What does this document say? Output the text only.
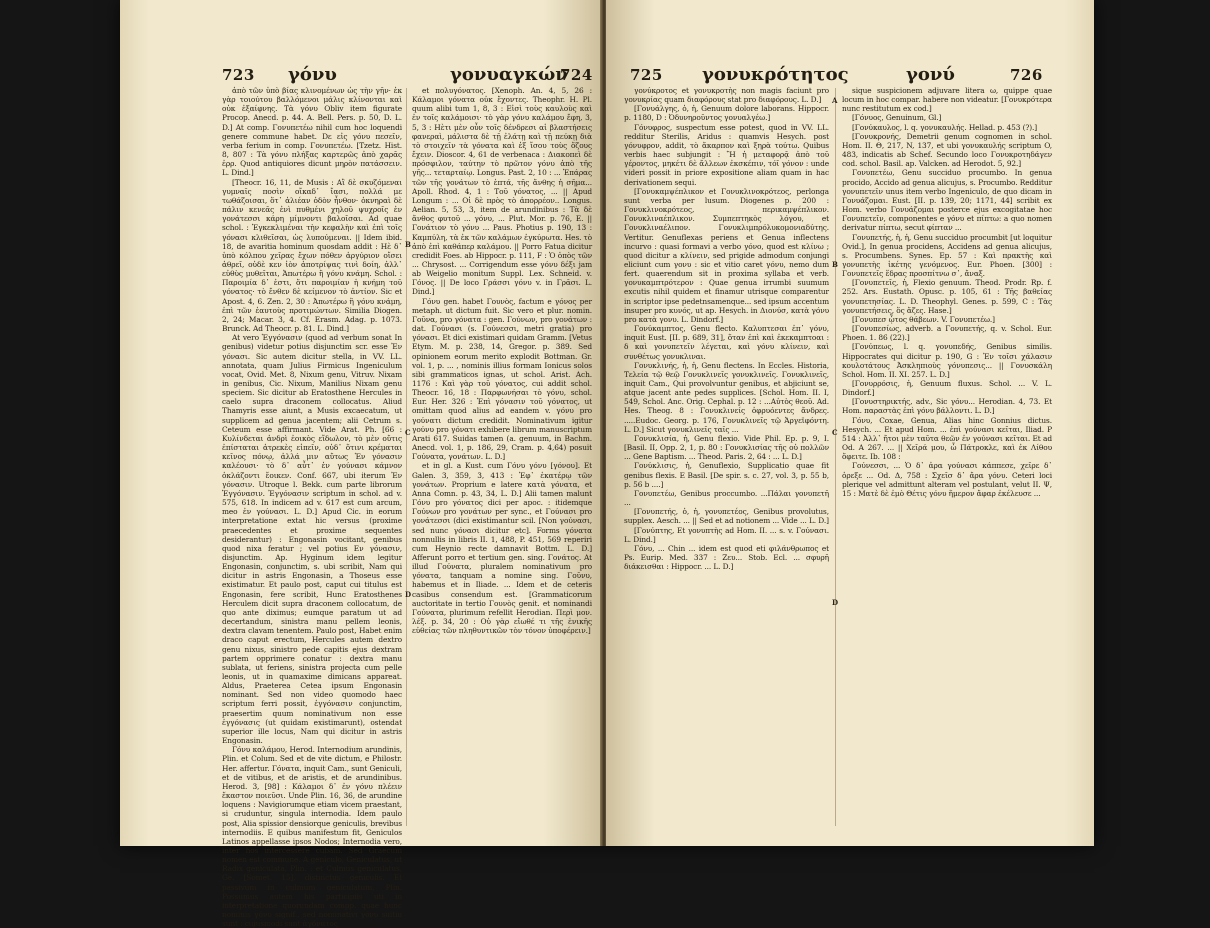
723 γόνυ	γονυαγκών
724

ἀπὸ τῶν ὑπὸ βίας κλινομένων ὡς τὴν γῆν· ἐκ γὰρ τοιούτου βαλλόμενοι μάλις κλίνονται καὶ οὐκ ἐξαίφνης. Tὰ γόνυ Obliv item figurate Procop. Anecd. p. 44. A. Bell. Pers. p. 50, D. L. D.] At comp. Γονυπετέω nihil cum hoc loquendi genere commune habet. Dε εἰς γόνυ πεσεῖν, verba ferium in comp. Γονυπετέω. [Tzetz. Hist. 8, 807 : Tὰ γόνυ πλήξας καρτερῶς ἀπὸ χαρᾶς ἐρρ. Quod antiquiores dicunt μηρὸν πατάσσειν. L. Dind.]

[Theocr. 16, 11, de Musis : Αἳ δὲ σκυζόμεναι γυμναῖς ποσὶν οἴκαδ᾽ ἴασι, πολλά με τωθάζοισαι, ὅτ᾽ ἀλιέαν ὁδὸν ἦνθον· ὀκνηραὶ δὲ πάλιν κενεᾶς ἐνὶ πυθμένι χηλοῦ ψυχροῖς ἐν γονάτεσσι κάρη μίμνοντι βαλοῖσαι. Ad quae schol. : Ἐγκεκλιμέναι τὴν κεφαλὴν καὶ ἐπὶ τοῖς γόνασι κλιθεῖσαι, ὡς λυπούμεναι. || Idem ibid. 18, de avaritia hominum quosdam addit : Ηὲ δ᾽ ὑπὸ κόλπου χεῖρας ἔχων πόθεν ἀργύριον οἴσει ἀθρεῖ, οὐδὲ κεν ἰὸν ἀποτρίψας τινὶ δοίη, ἀλλ᾽ εὐθὺς μυθεῖται, Ἀπωτέρω ἢ γόνυ κνάμη. Schol. : Παροιμία δ᾽ ἐστι, ὅτι παροιμίαν ἡ κνήμη τοῦ γόνατος· τὸ ἔνθεν δὲ κείμενον τὸ ἀντίον. Sic et Apost. 4, 6. Zen. 2, 30 : Ἀπωτέρω ἢ γόνυ κνάμη, ἐπὶ τῶν ἑαυτοὺς προτιμώντων. Similia Diogen. 2, 24; Macar. 3, 4. Cf. Erasm. Adag. p. 1073. Brunck. Ad Theocr. p. 81. L. Dind.]

At vero Ἐγγόνασιν (quod ad verbum sonat In genibus) videtur potius disjunctim scr. esse Ἐν γόνασι. Sic autem dicitur stella, in VV. LL. annotata, quam Julius Firmicus Ingeniculum vocat, Ovid. Met. 8, Nixum genu, Vitruv. Nixam in genibus, Cic. Nixum, Manilius Nixam genu speciem. Sic dicitur ab Eratosthene Hercules in caelo supra draconem collocatus. Aliud Thamyris esse aiunt, a Musis excaecatum, ut supplicem ad genua jacentem; alii Cetrum s. Ceteum esse affirmant. Vide Arat. Ph. [66 : Κυλίνδεται ἀνδρὶ ἐοικὸς εἴδωλον, τὸ μὲν οὔτις ἐπίσταται ἀτρεκὲς εἰπεῖν, οὐδ᾽ ὅτινι κρέμαται κεῖνος πόνῳ, ἀλλά μιν αὔτως Ἐν γόνασιν καλέουσι· τὸ δ᾽ αὖτ᾽ ἐν γούνασι κάμνον ὀκλάζοντι ἔοικεν. Conf. 667, ubi iterum Ἐν γόνασιν. Utroque l. Bekk. cum parte librorum Ἐγγόνασιν. Ἐγγόνασιν scriptum in schol. ad v. 575, 618. In indicem ad v. 617 est cum arcum, meo ἐν γούνασι. L. D.] Apud Cic. in eorum interpretatione extat hic versus (proxime praecedentes et proxime sequentes desiderantur) : Engonasin vocitant, genibus quod nixa feratur ; vel potius Εν γόνασιν, disjunctim. Ap. Hyginum idem legitur Engonasin, conjunctim, s. ubi scribit, Nam qui dicitur in astris Engonasin, a Thoseus esse existimatur. Et paulo post, caput cui titulus est Engonasin, fere scribit, Hunc Eratosthenes Herculem dicit supra draconem collocatum, de quo ante diximus; eumque paratum ut ad decertandum, sinistra manu pellem leonis, dextra clavam tenentem. Paulo post, Habet enim draco caput erectum, Hercules autem dextro genu nixus, sinistro pede capitis ejus dextram partem opprimere conatur : dextra manu sublata, ut feriens, sinistra projecta cum pelle leonis, ut in quamaxime dimicans appareat. Aldus, Praeterea Cetea ipsum Engonasin nominant. Sed non video quomodo haec scriptum ferri possit, ἐγγόνασιν conjunctim, praesertim quum nominativum non esse ἐγγόνασις (ut quidam existimarunt), ostendat superior ille locus, Nam qui dicitur in astris Engonasin.

Γόνυ καλάμου, Herod. Internodium arundinis, Plin. et Colum. Sed et de vite dictum, e Philostr. Her. affertur. Γόνατα, inquit Cam., sunt Geniculi, et de vitibus, et de aristis, et de arundinibus. Herod. 3, [98] : Κάλαμοι δ᾽ ἐν γόνυ πλέειν ἕκαστον ποιεῦσι. Unde Plin. 16, 36, de arundine loquens : Navigiorumque etiam vicem praestant, si cruduntur, singula internodia. Idem paulo post, Alia spissior densiorque geniculis, brevibus internodiis. E quibus manifestum fit, Geniculos Latinos appellasse ipsos Nodos; Internodia vero, inter hos intercessere cubam. Sed Graecum nomen est commune. A geniculo, Geniculatus, ut Radix geniculata, Plin. : et Culmus geniculatus, Ge. [Somet. 15], distinctus geniculis. Et passivum in culmum geniculatum, Plin. Possumus autem his participiis uti in interpretatione quorundam compp. quae hunc nominis γόνυ signif., sed nominativi γόνυ suitiu sunt : cujusmodi sunt ἀγόνατος

et πολυγόνατος. [Xenoph. An. 4, 5, 26 : Κάλαμοι γόνατα οὐκ ἔχοντες. Theophr. H. Pl. quum alibi tum 1, 8, 3 : Εἰσὶ τοὺς καυλοὺς καὶ ἐν τοῖς καλάμοισι· τὸ γὰρ γόνυ καλάμου ἔφη, 3, 5, 3 : Ηὲτι μὲν οὖν τοῖς δένδρεσι αἱ βλαστήσεις φανεραὶ, μάλιστα δὲ τῇ ἐλάτῃ καὶ τῇ πεύκῃ διὰ τὸ στοιχεῖν τὰ γόνατα καὶ ἐξ ἴσου τοὺς ὄζους ἔχειν. Dioscor. 4, 61 de verbenaca : Διακοπεὶ δὲ πρόσφιλον, ταύτην τὸ πρῶτον γόνυ ἀπὸ τῆς γῆς... τεταρταίῳ. Longus. Past. 2, 10 : ... Ἐπάρας τῶν τῆς γονάτων τὸ ἑπτά, τῆς ἄνθης ἡ σῆμα... Apoll. Rhod. 4, 1 : Τοῦ γόνατος, ... || Apud Longum : ... Οἱ δὲ πρὸς τὸ ἀπορρέον.. Longus. Aelian. 5, 53, 3, item de arundinibus : Τὰ δὲ ἄνθος φυτοῦ ... γόνυ, ... Plut. Mor. p. 76, E. || Γονάτιον τὸ γόνυ ... Paus. Photius p. 190, 13 : Καμπύλη, τὰ ἐκ τῶν καλάμων ἐγκύρωτα. Hes. τὸ ἀπὸ ἐπὶ καθάπερ καλάμου. || Porro Fatua dicitur credidit Foes. ab Hippocr. p. 111, F : Ὁ ὁπὸς τῶν ... Chrysost. ... Corrigendum esse γόνυ δέξι jam ab Weigelio monitum Suppl. Lex. Schneid. v. Γόνος. || De loco Γράσσι γόνυ v. in Γρᾶσι. L. Dind.]

Γόνυ gen. habet Γουνὸς, factum e γόνος per metaph. ut dictum fuit. Sic vero et plur. nomin. Γοῦνα, pro γόνατα : gen. Γούνων, pro γονάτων : dat. Γούνασι (s. Γούνεσσι, metri gratia) pro γόνασι. Et dici existimari quidam Gramm. [Vetus Etym. M. p. 238, 14, Gregor. p. 389. Sed opinionem eorum merito explodit Bottman. Gr. vol. 1, p. ... , nominis illius formam Ionicus solos sibi grammaticos ignas, ut schol. Arist. Ach. 1176 : Καὶ γὰρ τοῦ γόνατος, cui addit schol. Theocr. 16, 18 : Παρφωνήσαι τὸ γόνυ, schol. Eur. Her. 326 : Ἐπὶ γόνασιν τοῦ γόνατος, ut omittam quod alius ad eandem v. γόνυ pro γούνατι dictum credidit. Nominativum igitur γούνυ pro γόνατι exhibere librum manuscriptum Arati 617. Suidas tamen (a. genuum, in Bachm. Anecd. vol. 1, p. 186, 29, Cram. p. 4,64) posuit Γούνατα, γονάτων. L. D.]

et in gl. a Kust. cum Γόνυ γόνυ [γόνου]. Et Galen. 3, 359, 3, 413 : Ἐφ᾽ ἑκατέρῳ τῶν γονάτων. Proprium e latere κατὰ γόνατα, et Anna Comn. p. 43, 34, L. D.] Alii tamen malunt Γόνυ pro γόνατος dici per apoc. : itidemque Γούνων pro γονάτων per sync., et Γούνασι pro γονάτεσσι (dici existimantur scil. [Non γούνασι, sed nunc γόνασι dicitur etc]. Forms γόνατα nonnullis in libris II. 1, 488, P. 451, 569 reperiri cum Heynio recte damnavit Bottm. L. D.] Afferunt porro et tertium gen. sing. Γονάτος. At illud Γούνατα, pluralem nominativum pro γόνατα, tanquam a nomine sing. Γοῦνυ, habemus et in Iliade. ... Idem et de ceteris casibus consendum est. [Grammaticorum auctoritate in tertio Γουνὸς genit. et nominandi Γούνατα, plurimum refellit Herodian. Περὶ μον. λέξ. p. 34, 20 : Οὐ γὰρ εἴωθέ τι τῆς ἑνικῆς εὐθείας τῶν πληθυντικῶν τὸν τόνον ὑποφέρειν.]

B
C
D
725 γονυκρότητος	γονύ	726

γονύκροτος et γονυκροτὴς non magis faciunt pro γονυκρίας quam διαφόρους stat pro διαφόρους. L. D.]

[Γονυάλγης, ὁ, ἡ, Genuum dolore laborans. Hippocr. p. 1180, D : Ὀδυνηροῦντος γονυαλγέω.]

Γόνυφρος, suspectum esse potest, quod in VV. LL. redditur Sterilis, Aridus : quamvis Hesych. post γόνυφρον, addit, τὸ ἄκαρπον καὶ ξηρὰ τούτω. Quibus verbis haec subjungit : Ἢ ἡ μεταφορᾷ ἀπὸ τοῦ γέροντος, μηκέτι δὲ ἄλλεων ἐκσκέπιν, τόῖ γόνον : unde videri possit in priore expositione aliam quam in hac derivationem sequi.

[Γονυκαμψέπλικον et Γονυκλινοκρότεος, perlonga sunt verba per lusum. Diogenes p. 200 : Γονυκλινοκρότεος, περικαμψέπλικον. Γονυκλιναέπλικον. Συμπεπτηκὸς λόγου, et Γονυκλιναέλιπον. Γονυκλιμπρόλυκομονιαδύτης. Vertitur. Genuflexas periens et Genua inflectens incurvo : quasi formavi a verbo γόνο, quod est κλίνω ; quod dicitur a κλίνειν, sed prigide admodum conjungi eliciunt cum γονυ : sic et vitio caret γόνυ, nemo dum fert. quaerendum sit in proxima syllaba et verb. γονυκαμπτρότερον : Quae genua irrumbi suumum excutis nihil quidem et finamur utrisque comparentur in scriptor ipse pedetnsamenque... sed ipsum accentum insuper pro κυνός, ut ap. Hesych. in Διονύσ, κατὰ γόνυ pro κατὰ γονυ. L. Dindorf.]

Γονύκαμπτος, Genu flecto. Καλυπτεσαι ἐπ᾽ γόνυ, inquit Eust. [II. p. 689, 31], ὅταν ἐπὶ καὶ ἐκεκαμπτοαι : δ καὶ γονυπετεῖν λέγεται, καὶ γόνυ κλίνειν, καὶ συνθέτως γονυκλιναι.

Γονυκλινής, ἡ, ἡ, Genu flectens. In Eccles. Historia, Τελεία τῷ θεῷ Γονυκλινεῖς γονυκλινεῖς. Γονυκλινεῖς, inquit Cam., Qui provolvuntur genibus, et abjiciunt se, atque jacent ante pedes supplices. [Schol. Hom. II. I, 549, Schol. Anc. Orig. Cephal. p. 12 : ...Αὐτὸς θεοῦ. Ad. Hes. Theog. 8 : Γονυκλινείς ὀφρυόεντες ἄνδρες. .....Eudoc. Georg. p. 176, Γονυκλινεῖς τῷ Ἀργεϊφόντη. L. D.] Sicut γονυκλινεῖς ταῖς ...

Γονυκλισία, ἡ, Genu flexio. Vide Phil. Ep. p. 9, I. [Basil. II, Opp. 2, 1, p. 80 : Γονυκλισίας τῆς οὐ πολλῶν ... Gene Baptism. ... Theod. Paris. 2, 64 : ... L. D.]

Γονύκλισις, ἡ, Genuflexio, Supplicatio quae fit genibus flexis. E Basil. [De spir. s. c. 27, vol. 3, p. 55 b, p. 56 b ....]

Γονυπετέω, Genibus proccumbo. ...Πάλαι γονυπετῆ ...

[Γονυπετής, ὁ, ἡ, γονυπετέος, Genibus provolutus, supplex. Aesch. ... || Sed et ad notionem ... Vide ... L. D.]

[Γονύπτης, Et γονυπτὴς ad Hom. II. ... s. v. Γούνασι. L. Dind.]

Γόνυ, ... Chin ... idem est quod eti φιλάνθρωπος et Ps. Eurip. Med. 337 : Ζευ... Stob. Ecl. ... σφυρῆ διάκεισθαι : Hippocr. ... L. D.]

sique suspicionem adjuvare litera ω, quippe quae locum in hoc compar. habere non videatur. [Γονυκρότερα nunc restitutum ex cod.]

[Γόνυος, Genuinum, Gl.]

[Γονύκαυλος, l. q. γονυκαυλής. Hellad. p. 453 (?).]

[Γονυκρονής, Demetrii genum cognomen in schol. Hom. II. Θ, 217, N, 137, et ubi γονυκαυλής scriptum O, 483, indicatis ab Schef. Secundo loco Γονυκροτηδάγεν cod. schol. Basil. ap. Valcken. ad Herodot. 5, 92.]

Γονυπετέω, Genu succiduo procumbo. In genua procido, Accido ad genua alicujus, s. Procumbo. Redditur γονυπετεῖν unus item verbo Ingeniculo, de quo dicam in Γονυάζομαι. Eust. [II. p. 139, 20; 1171, 44] scribit ex Hom. verbo Γονυάζομαι posterce ejus excogitatae hoc Γονυπετεῖν, componentes e γόνυ et πίπτω: a quo nomen derivatur πίπτω, secut φίπταν ...

Γονυπετής, ἡ, ἡ, Genu succiduo procumbit [ut loquitur Ovid.], In genua procidens, Accidens ad genua alicujus, s. Procumbens. Synes. Ep. 57 : Καὶ πρακτὴς καὶ γονυπετὴς ἱκέτης γενόμενος. Eur. Phoen. [300] : Γονυπετεῖς ἕδρας προσπίτνω σ᾽, ἄναξ.

[Γονυπετεῖς, ἡ, Flexio genuum. Theod. Prodr. Rp. f. 252. Ars. Eustath. Opusc. p. 105, 61 : Τῆς βαθείας γονυπετησίας. L. D. Theophyl. Genes. p. 599, C : Τὰς γονυπετήσεις, ὅς ἄζες. Hase.]

[Γονυπεσ ᾧτος θάβεων. V. Γονυπετέω.]

[Γονυπεσίως, adverb. a Γονυπετής, q. v. Schol. Eur. Phoen. 1. 86 (22).]

[Γονύπεως, l. q. γονυπεδής, Genibus similis. Hippocrates qui dicitur p. 190, G : Ἐν τοῖσι χάλασιν κουλοτάτους Ἀσκληπιοὺς γόνυπεσις... || Γονυσκάλη Schol. Hom. II. XI. 257. L. D.]

[Γονυρρόσις, ἡ, Genuum fluxus. Schol. ... V. L. Dindorf.]

[Γονυστηρικτής, adv., Sic γόνυ... Herodian. 4, 73. Et Hom. παραστὰς ἐπὶ γόνυ βάλλοντι. L. D.]

Γόνυ, Coxae, Genua, Alias hinc Gonnius dictus. Hesych. ... Et apud Hom. ... ἐπὶ γούνασι κεῖται, Iliad. P 514 : Ἀλλ᾽ ἤτοι μὲν ταῦτα θεῶν ἐν γούνασι κεῖται. Et ad Od. A 267. ... || Χεῖρά μου, ὦ Πάτροκλε, καὶ ἐκ Λίθου ὄφειτε. Ib. 108 :

Γούνεσσι, ... Ὁ δ᾽ ἀρα γούνασι κάππεσε, χεῖρε δ᾽ ὀρεξε ... Od. Δ, 758 : Σχεῖσ δ᾽ ἄρα γόνυ. Ceteri loci plerique vel admittunt alteram vel postulant, velut II. Ψ, 15 : Ματὲ δὲ ἐμὸ Θέτις γόνυ ἥμερον ἄφαρ ἐκέλευσε ...

A
B
C
D
